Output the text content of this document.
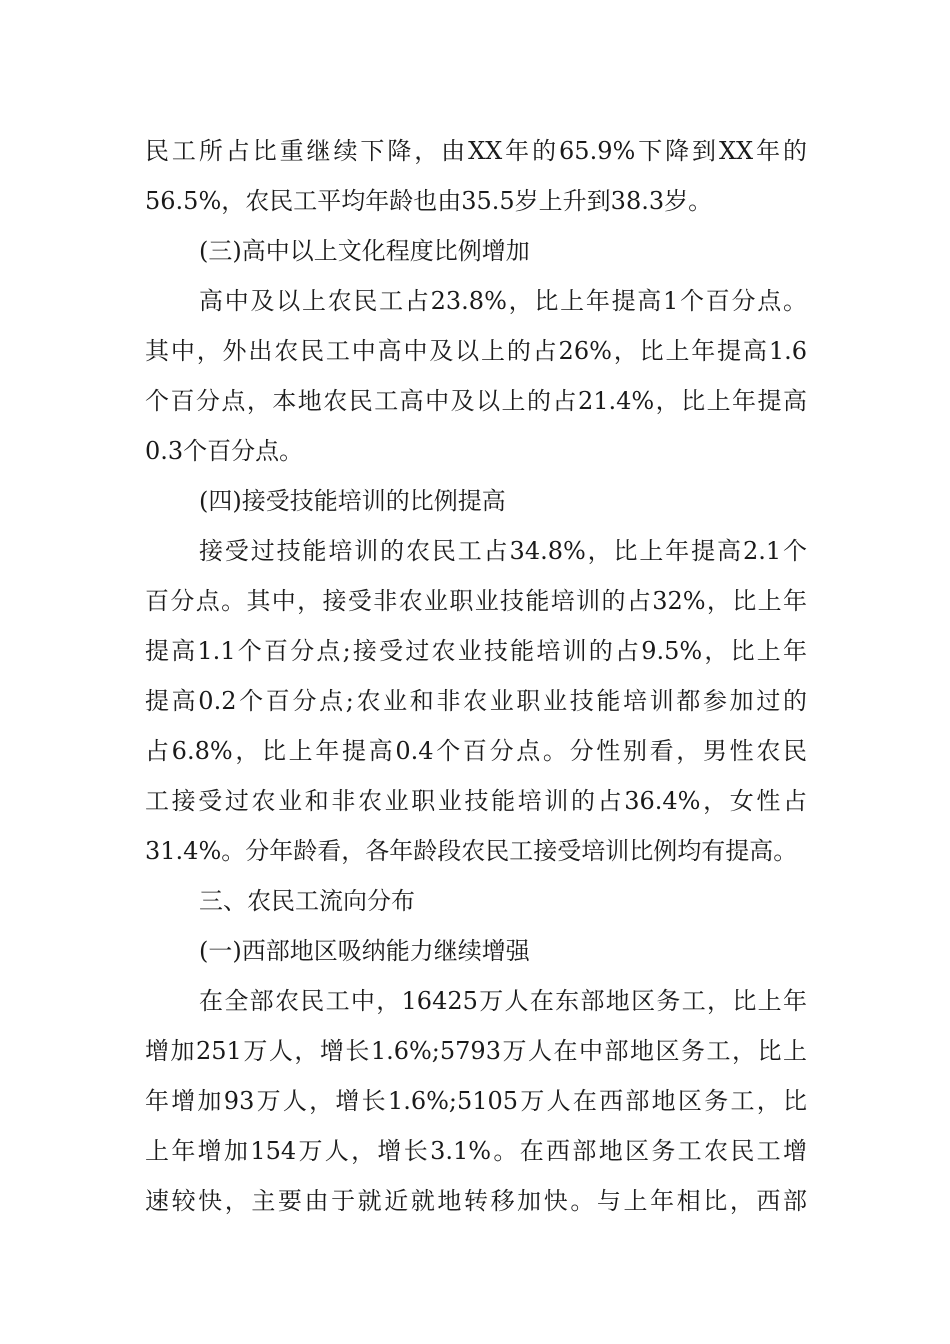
民工所占比重继续下降，由XX年的65.9%下降到XX年的
56.5%，农民工平均年龄也由35.5岁上升到38.3岁。
(三)高中以上文化程度比例增加
高中及以上农民工占23.8%，比上年提高1个百分点。
其中，外出农民工中高中及以上的占26%，比上年提高1.6
个百分点，本地农民工高中及以上的占21.4%，比上年提高
0.3个百分点。
(四)接受技能培训的比例提高
接受过技能培训的农民工占34.8%，比上年提高2.1个
百分点。其中，接受非农业职业技能培训的占32%，比上年
提高1.1个百分点;接受过农业技能培训的占9.5%，比上年
提高0.2个百分点;农业和非农业职业技能培训都参加过的
占6.8%，比上年提高0.4个百分点。分性别看，男性农民
工接受过农业和非农业职业技能培训的占36.4%，女性占
31.4%。分年龄看，各年龄段农民工接受培训比例均有提高。
三、农民工流向分布
(一)西部地区吸纳能力继续增强
在全部农民工中，16425万人在东部地区务工，比上年
增加251万人，增长1.6%;5793万人在中部地区务工，比上
年增加93万人，增长1.6%;5105万人在西部地区务工，比
上年增加154万人，增长3.1%。在西部地区务工农民工增
速较快，主要由于就近就地转移加快。与上年相比，西部
